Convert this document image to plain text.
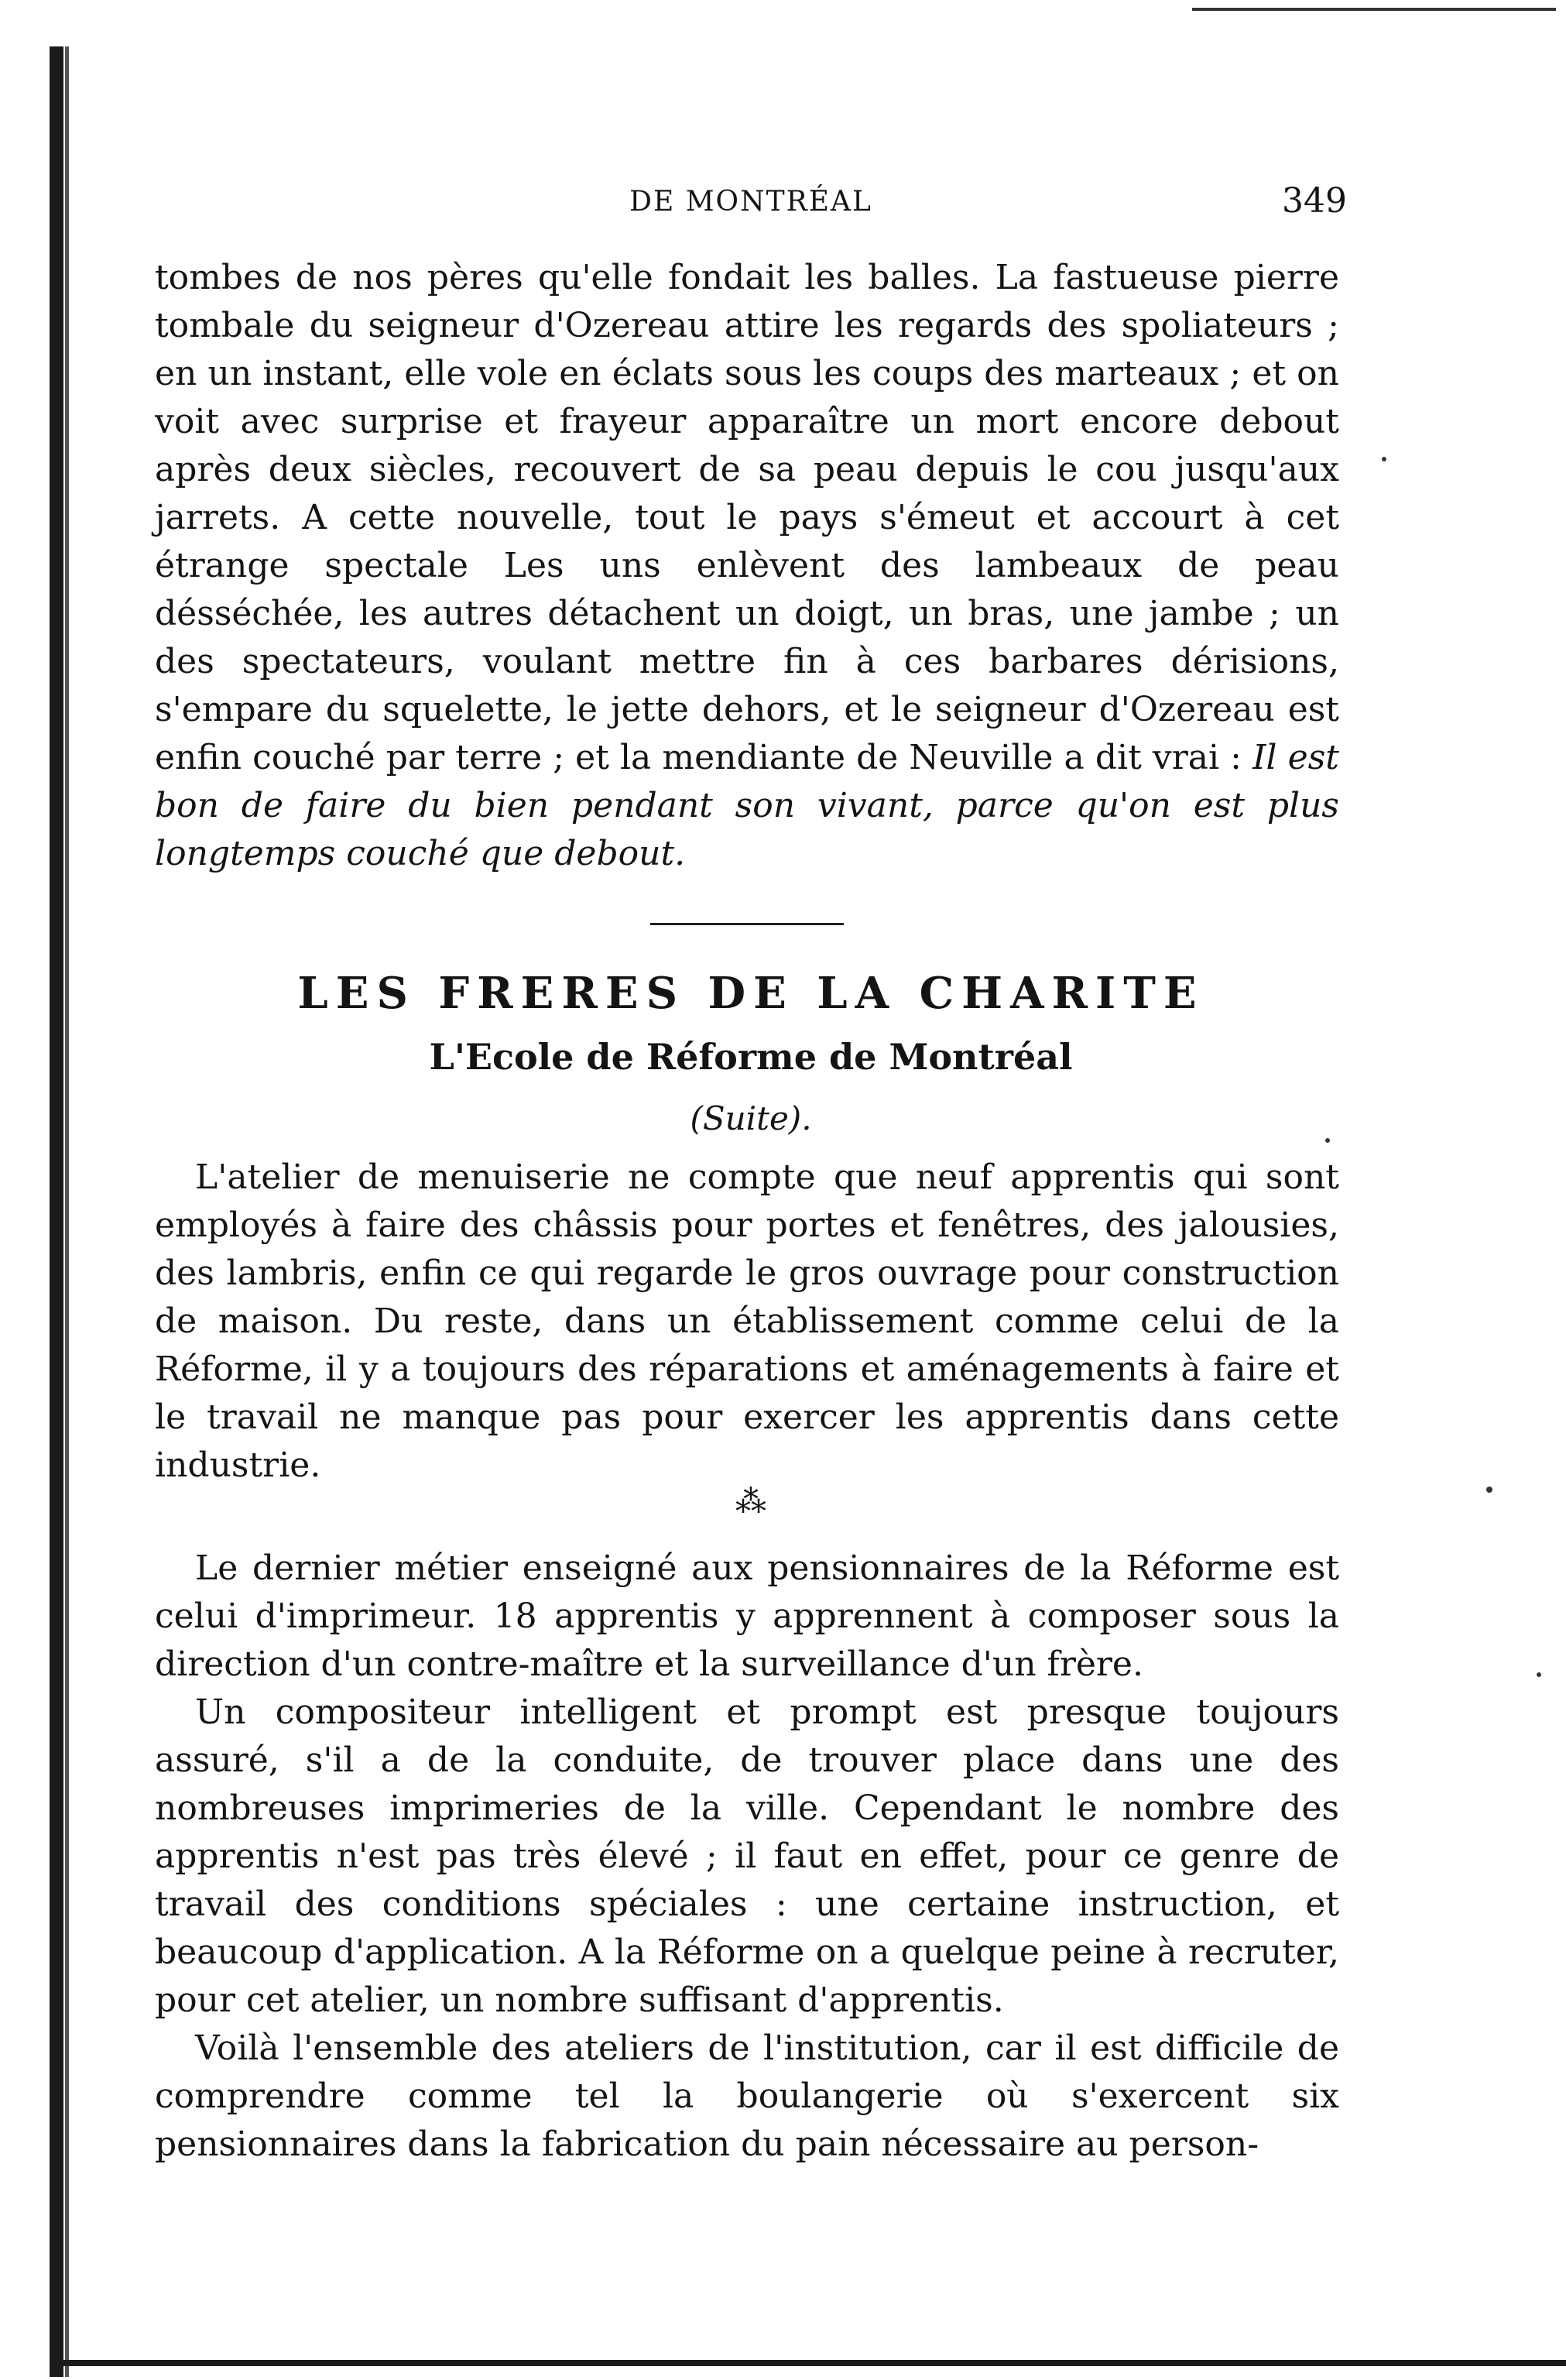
DE MONTRÉAL	349

tombes de nos pères qu'elle fondait les balles. La fastueuse pierre tombale du seigneur d'Ozereau attire les regards des spoliateurs ; en un instant, elle vole en éclats sous les coups des marteaux ; et on voit avec surprise et frayeur apparaître un mort encore debout après deux siècles, recouvert de sa peau depuis le cou jusqu'aux jarrets. A cette nouvelle, tout le pays s'émeut et accourt à cet étrange spectale Les uns enlèvent des lambeaux de peau désséchée, les autres détachent un doigt, un bras, une jambe ; un des spectateurs, voulant mettre fin à ces barbares dérisions, s'empare du squelette, le jette dehors, et le seigneur d'Ozereau est enfin couché par terre ; et la mendiante de Neuville a dit vrai : Il est bon de faire du bien pendant son vivant, parce qu'on est plus longtemps couché que debout.

LES FRERES DE LA CHARITE
L'Ecole de Réforme de Montréal
(Suite).

L'atelier de menuiserie ne compte que neuf apprentis qui sont employés à faire des châssis pour portes et fenêtres, des jalousies, des lambris, enfin ce qui regarde le gros ouvrage pour construction de maison. Du reste, dans un établissement comme celui de la Réforme, il y a toujours des réparations et aménagements à faire et le travail ne manque pas pour exercer les apprentis dans cette industrie.

⁂

Le dernier métier enseigné aux pensionnaires de la Réforme est celui d'imprimeur. 18 apprentis y apprennent à composer sous la direction d'un contre-maître et la surveillance d'un frère.

Un compositeur intelligent et prompt est presque toujours assuré, s'il a de la conduite, de trouver place dans une des nombreuses imprimeries de la ville. Cependant le nombre des apprentis n'est pas très élevé ; il faut en effet, pour ce genre de travail des conditions spéciales : une certaine instruction, et beaucoup d'application. A la Réforme on a quelque peine à recruter, pour cet atelier, un nombre suffisant d'apprentis.

Voilà l'ensemble des ateliers de l'institution, car il est difficile de comprendre comme tel la boulangerie où s'exercent six pensionnaires dans la fabrication du pain nécessaire au person-
